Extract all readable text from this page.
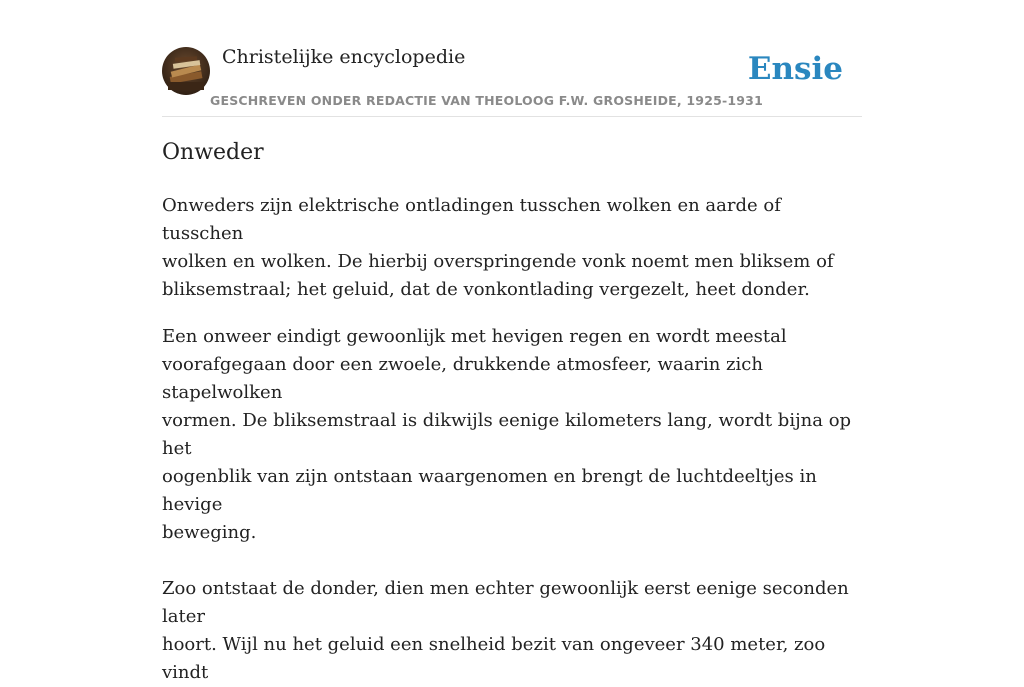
Christelijke encyclopedie
GESCHREVEN ONDER REDACTIE VAN THEOLOOG F.W. GROSHEIDE, 1925-1931
Ensie
Onweder

Onweders zijn elektrische ontladingen tusschen wolken en aarde of tusschen
wolken en wolken. De hierbij overspringende vonk noemt men bliksem of
bliksemstraal; het geluid, dat de vonkontlading vergezelt, heet donder.

Een onweer eindigt gewoonlijk met hevigen regen en wordt meestal
voorafgegaan door een zwoele, drukkende atmosfeer, waarin zich stapelwolken
vormen. De bliksemstraal is dikwijls eenige kilometers lang, wordt bijna op het
oogenblik van zijn ontstaan waargenomen en brengt de luchtdeeltjes in hevige
beweging.

Zoo ontstaat de donder, dien men echter gewoonlijk eerst eenige seconden later
hoort. Wijl nu het geluid een snelheid bezit van ongeveer 340 meter, zoo vindt
